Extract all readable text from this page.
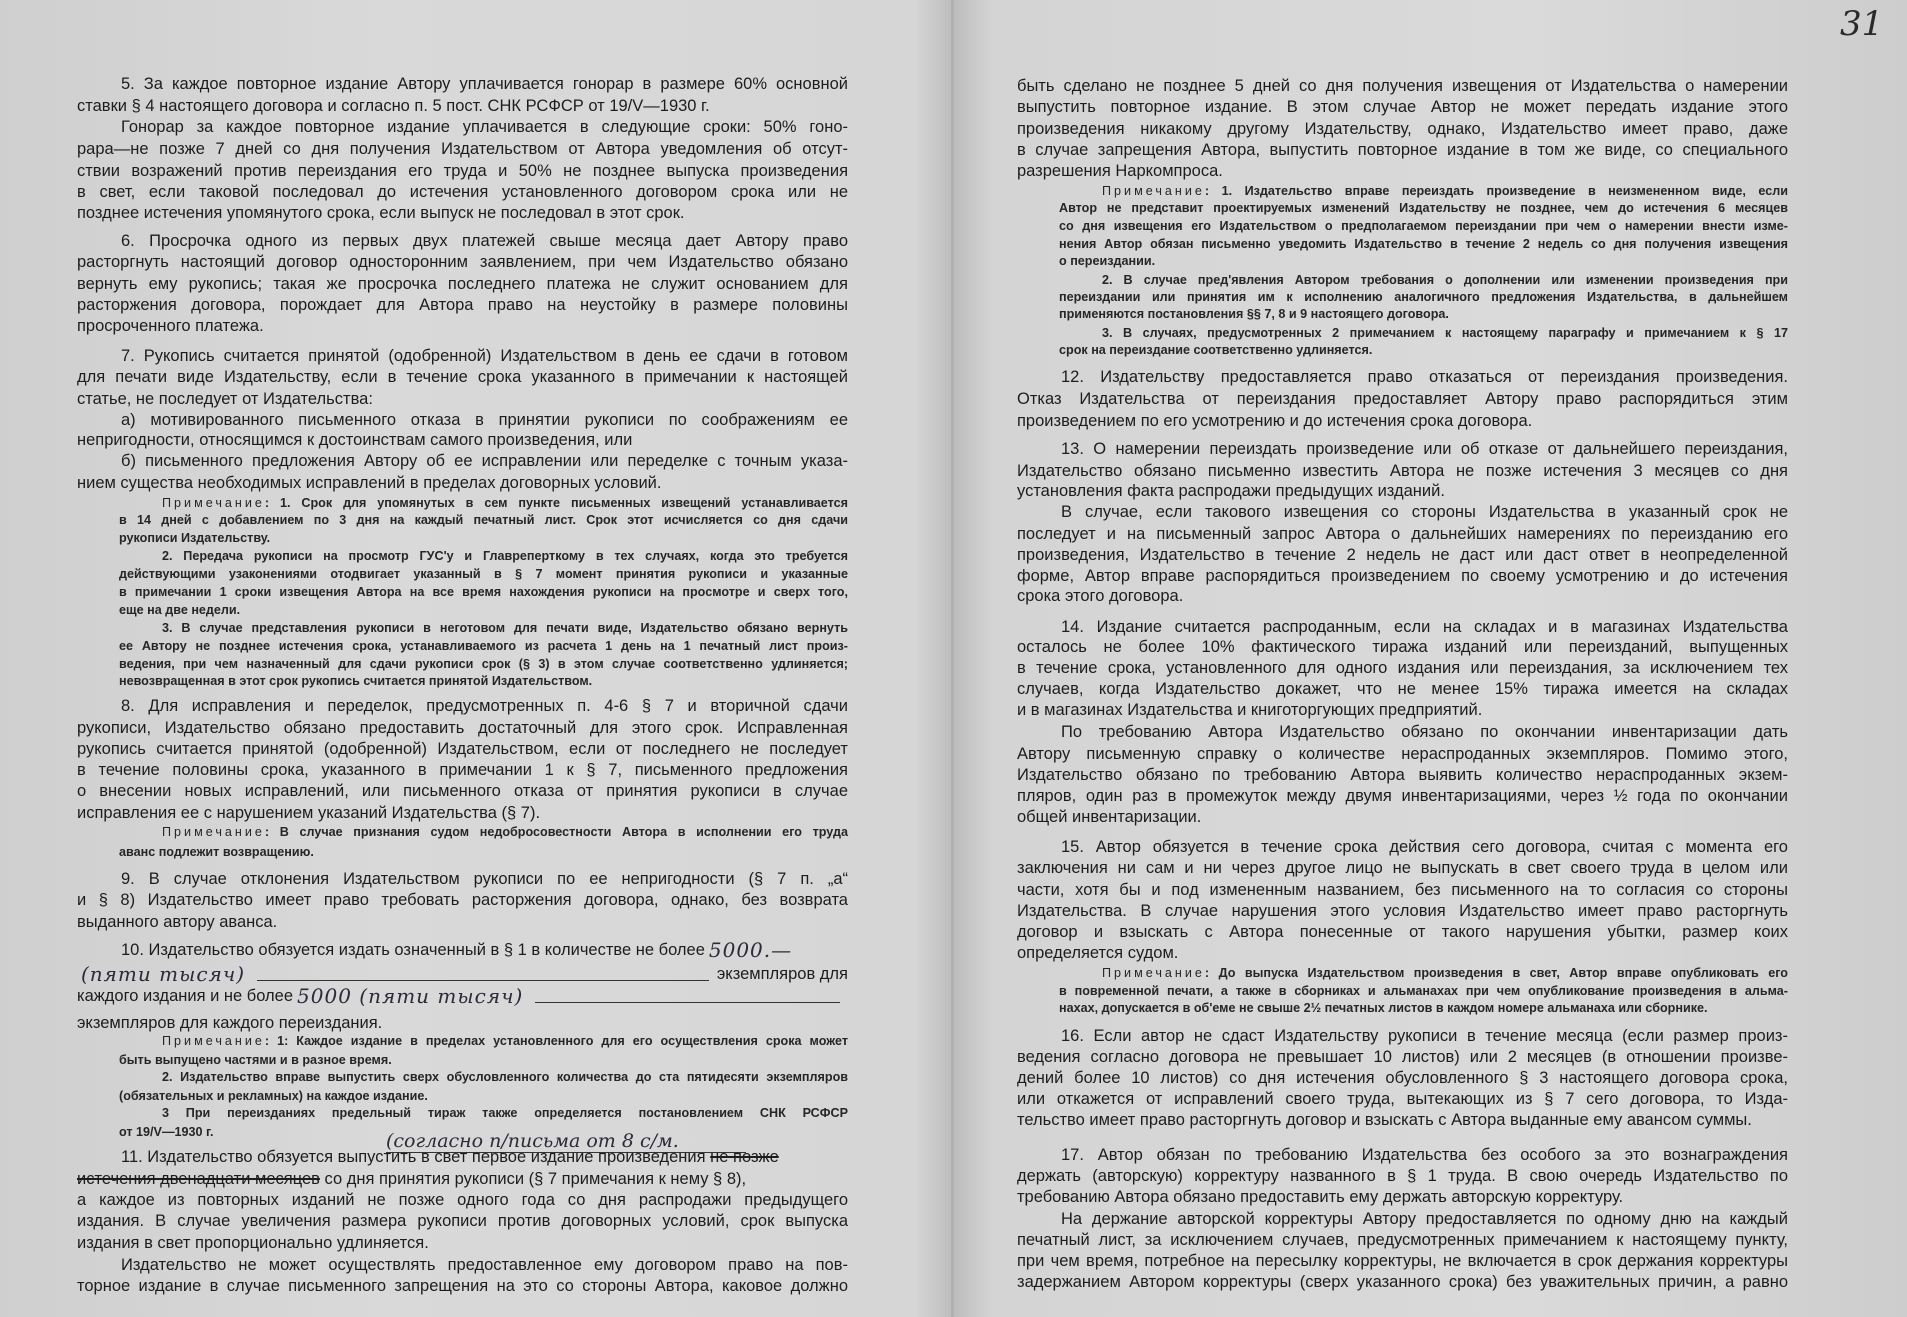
31
5. За каждое повторное издание Автору уплачивается гонорар в размере 60% основной
ставки § 4 настоящего договора и согласно п. 5 пост. СНК РСФСР от 19/V—1930 г.
Гонорар за каждое повторное издание уплачивается в следующие сроки: 50% гоно-
рара—не позже 7 дней со дня получения Издательством от Автора уведомления об отсут-
ствии возражений против переиздания его труда и 50% не позднее выпуска произведения
в свет, если таковой последовал до истечения установленного договором срока или не
позднее истечения упомянутого срока, если выпуск не последовал в этот срок.
6. Просрочка одного из первых двух платежей свыше месяца дает Автору право
расторгнуть настоящий договор односторонним заявлением, при чем Издательство обязано
вернуть ему рукопись; такая же просрочка последнего платежа не служит основанием для
расторжения договора, порождает для Автора право на неустойку в размере половины
просроченного платежа.
7. Рукопись считается принятой (одобренной) Издательством в день ее сдачи в готовом
для печати виде Издательству, если в течение срока указанного в примечании к настоящей
статье, не последует от Издательства:
а) мотивированного письменного отказа в принятии рукописи по соображениям ее
непригодности, относящимся к достоинствам самого произведения, или
б) письменного предложения Автору об ее исправлении или переделке с точным указа-
нием существа необходимых исправлений в пределах договорных условий.
Примечание: 1. Срок для упомянутых в сем пункте письменных извещений устанавливается
в 14 дней с добавлением по 3 дня на каждый печатный лист. Срок этот исчисляется со дня сдачи
рукописи Издательству.
2. Передача рукописи на просмотр ГУС'у и Главреперткому в тех случаях, когда это требуется
действующими узаконениями отодвигает указанный в § 7 момент принятия рукописи и указанные
в примечании 1 сроки извещения Автора на все время нахождения рукописи на просмотре и сверх того,
еще на две недели.
3. В случае представления рукописи в неготовом для печати виде, Издательство обязано вернуть
ее Автору не позднее истечения срока, устанавливаемого из расчета 1 день на 1 печатный лист произ-
ведения, при чем назначенный для сдачи рукописи срок (§ 3) в этом случае соответственно удлиняется;
невозвращенная в этот срок рукопись считается принятой Издательством.
8. Для исправления и переделок, предусмотренных п. 4-6 § 7 и вторичной сдачи
рукописи, Издательство обязано предоставить достаточный для этого срок. Исправленная
рукопись считается принятой (одобренной) Издательством, если от последнего не последует
в течение половины срока, указанного в примечании 1 к § 7, письменного предложения
о внесении новых исправлений, или письменного отказа от принятия рукописи в случае
исправления ее с нарушением указаний Издательства (§ 7).
Примечание: В случае признания судом недобросовестности Автора в исполнении его труда
аванс подлежит возвращению.
9. В случае отклонения Издательством рукописи по ее непригодности (§ 7 п. „а“
и § 8) Издательство имеет право требовать расторжения договора, однако, без возврата
выданного автору аванса.
10. Издательство обязуется издать означенный в § 1 в количестве не более 5000.—
(пяти тысяч)	экземпляров для
каждого издания и не более 5000 (пяти тысяч)
экземпляров для каждого переиздания.
Примечание: 1: Каждое издание в пределах установленного для его осуществления срока может
быть выпущено частями и в разное время.
2. Издательство вправе выпустить сверх обусловленного количества до ста пятидесяти экземпляров
(обязательных и рекламных) на каждое издание.
3 При переизданиях предельный тираж также определяется постановлением СНК РСФСР
от 19/V—1930 г.
11. Издательство обязуется выпустить в свет первое издание произведения не позже
истечения двенадцати месяцев со дня принятия рукописи (§ 7 примечания к нему § 8),
а каждое из повторных изданий не позже одного года со дня распродажи предыдущего
издания. В случае увеличения размера рукописи против договорных условий, срок выпуска
издания в свет пропорционально удлиняется.
Издательство не может осуществлять предоставленное ему договором право на пов-
торное издание в случае письменного запрещения на это со стороны Автора, каковое должно
быть сделано не позднее 5 дней со дня получения извещения от Издательства о намерении
выпустить повторное издание. В этом случае Автор не может передать издание этого
произведения никакому другому Издательству, однако, Издательство имеет право, даже
в случае запрещения Автора, выпустить повторное издание в том же виде, со специального
разрешения Наркомпроса.
Примечание: 1. Издательство вправе переиздать произведение в неизмененном виде, если
Автор не представит проектируемых изменений Издательству не позднее, чем до истечения 6 месяцев
со дня извещения его Издательством о предполагаемом переиздании при чем о намерении внести изме-
нения Автор обязан письменно уведомить Издательство в течение 2 недель со дня получения извещения
о переиздании.
2. В случае пред'явления Автором требования о дополнении или изменении произведения при
переиздании или принятия им к исполнению аналогичного предложения Издательства, в дальнейшем
применяются постановления §§ 7, 8 и 9 настоящего договора.
3. В случаях, предусмотренных 2 примечанием к настоящему параграфу и примечанием к § 17
срок на переиздание соответственно удлиняется.
12. Издательству предоставляется право отказаться от переиздания произведения.
Отказ Издательства от переиздания предоставляет Автору право распорядиться этим
произведением по его усмотрению и до истечения срока договора.
13. О намерении переиздать произведение или об отказе от дальнейшего переиздания,
Издательство обязано письменно известить Автора не позже истечения 3 месяцев со дня
установления факта распродажи предыдущих изданий.
В случае, если такового извещения со стороны Издательства в указанный срок не
последует и на письменный запрос Автора о дальнейших намерениях по переизданию его
произведения, Издательство в течение 2 недель не даст или даст ответ в неопределенной
форме, Автор вправе распорядиться произведением по своему усмотрению и до истечения
срока этого договора.
14. Издание считается распроданным, если на складах и в магазинах Издательства
осталось не более 10% фактического тиража изданий или переизданий, выпущенных
в течение срока, установленного для одного издания или переиздания, за исключением тех
случаев, когда Издательство докажет, что не менее 15% тиража имеется на складах
и в магазинах Издательства и книготоргующих предприятий.
По требованию Автора Издательство обязано по окончании инвентаризации дать
Автору письменную справку о количестве нераспроданных экземпляров. Помимо этого,
Издательство обязано по требованию Автора выявить количество нераспроданных экзем-
пляров, один раз в промежуток между двумя инвентаризациями, через ½ года по окончании
общей инвентаризации.
15. Автор обязуется в течение срока действия сего договора, считая с момента его
заключения ни сам и ни через другое лицо не выпускать в свет своего труда в целом или
части, хотя бы и под измененным названием, без письменного на то согласия со стороны
Издательства. В случае нарушения этого условия Издательство имеет право расторгнуть
договор и взыскать с Автора понесенные от такого нарушения убытки, размер коих
определяется судом.
Примечание: До выпуска Издательством произведения в свет, Автор вправе опубликовать его
в повременной печати, а также в сборниках и альманахах при чем опубликование произведения в альма-
нахах, допускается в об'еме не свыше 2½ печатных листов в каждом номере альманаха или сборнике.
16. Если автор не сдаст Издательству рукописи в течение месяца (если размер произ-
ведения согласно договора не превышает 10 листов) или 2 месяцев (в отношении произве-
дений более 10 листов) со дня истечения обусловленного § 3 настоящего договора срока,
или откажется от исправлений своего труда, вытекающих из § 7 сего договора, то Изда-
тельство имеет право расторгнуть договор и взыскать с Автора выданные ему авансом суммы.
17. Автор обязан по требованию Издательства без особого за это вознаграждения
держать (авторскую) корректуру названного в § 1 труда. В свою очередь Издательство по
требованию Автора обязано предоставить ему держать авторскую корректуру.
На держание авторской корректуры Автору предоставляется по одному дню на каждый
печатный лист, за исключением случаев, предусмотренных примечанием к настоящему пункту,
при чем время, потребное на пересылку корректуры, не включается в срок держания корректуры
задержанием Автором корректуры (сверх указанного срока) без уважительных причин, а равно
(согласно п/письма от 8 с/м.
